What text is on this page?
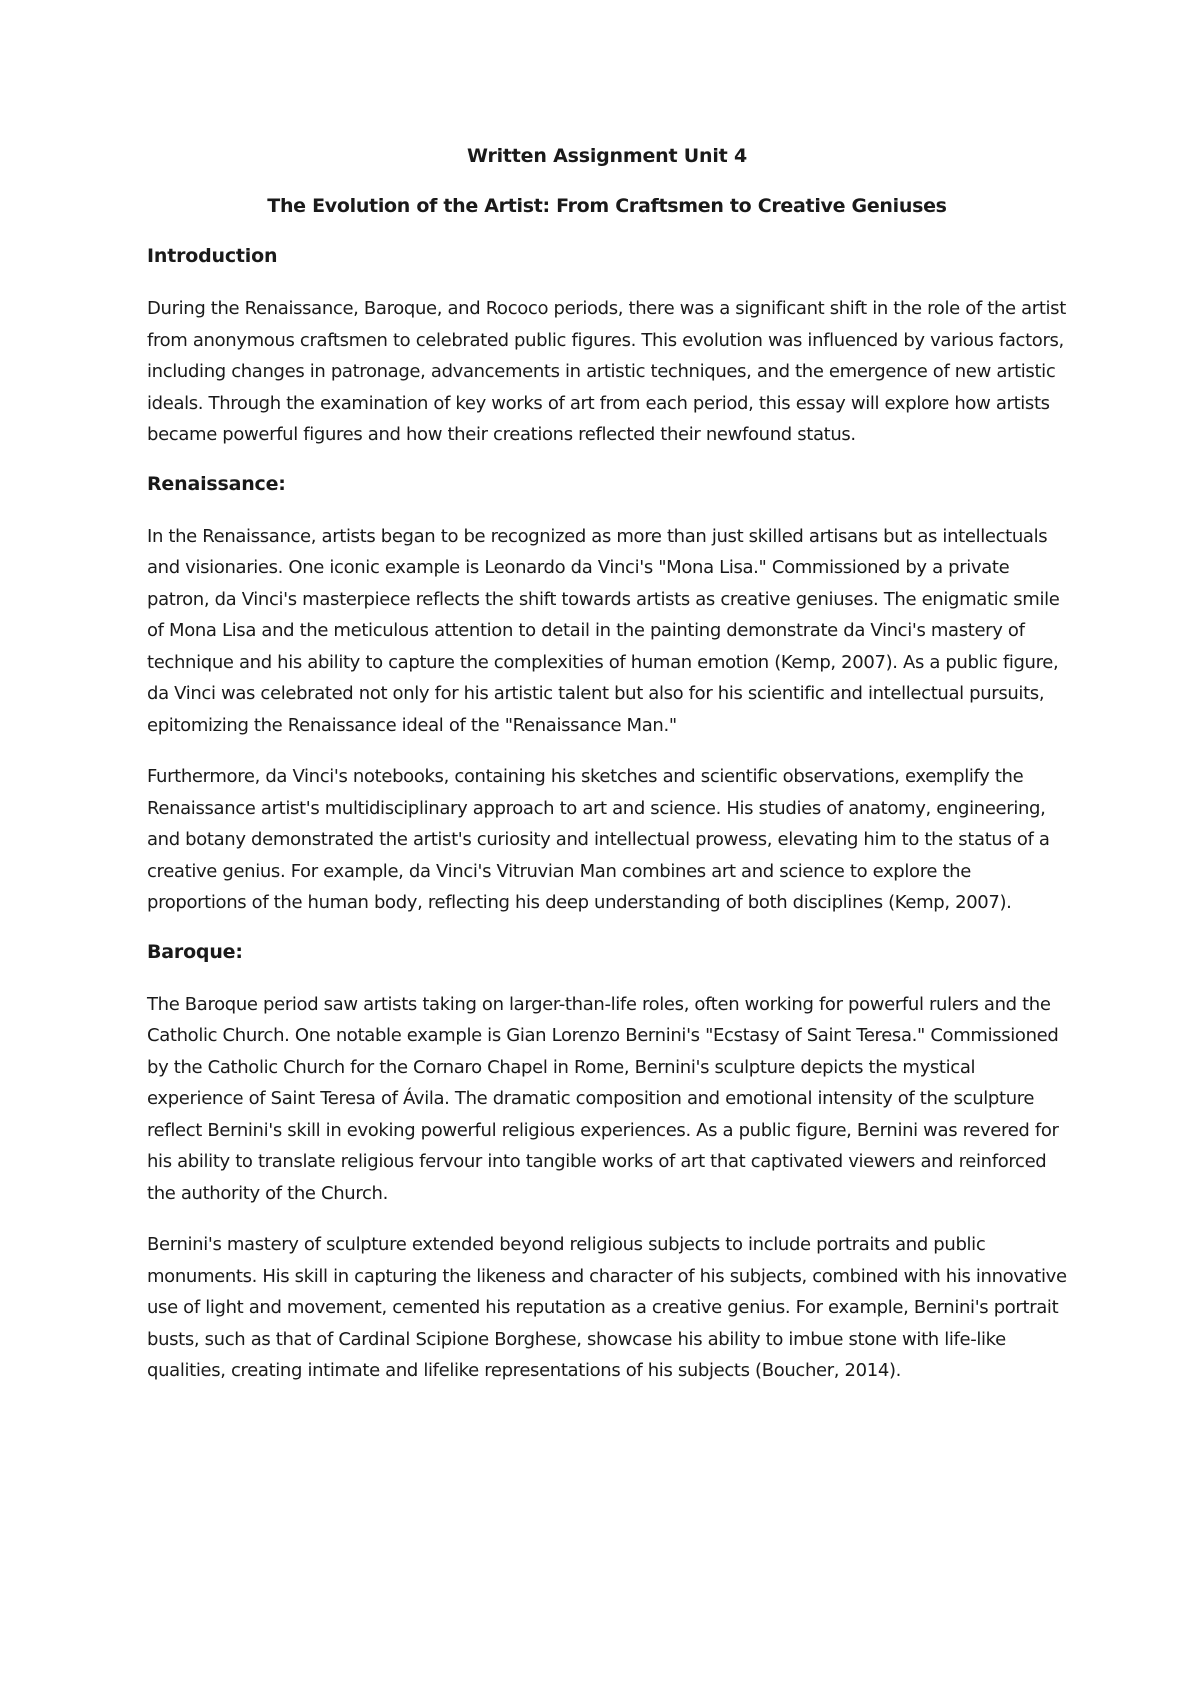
Written Assignment Unit 4
The Evolution of the Artist: From Craftsmen to Creative Geniuses
Introduction

During the Renaissance, Baroque, and Rococo periods, there was a significant shift in the role of the artist from anonymous craftsmen to celebrated public figures. This evolution was influenced by various factors, including changes in patronage, advancements in artistic techniques, and the emergence of new artistic ideals. Through the examination of key works of art from each period, this essay will explore how artists became powerful figures and how their creations reflected their newfound status.

Renaissance:

In the Renaissance, artists began to be recognized as more than just skilled artisans but as intellectuals and visionaries. One iconic example is Leonardo da Vinci's "Mona Lisa." Commissioned by a private patron, da Vinci's masterpiece reflects the shift towards artists as creative geniuses. The enigmatic smile of Mona Lisa and the meticulous attention to detail in the painting demonstrate da Vinci's mastery of technique and his ability to capture the complexities of human emotion (Kemp, 2007). As a public figure, da Vinci was celebrated not only for his artistic talent but also for his scientific and intellectual pursuits, epitomizing the Renaissance ideal of the "Renaissance Man."

Furthermore, da Vinci's notebooks, containing his sketches and scientific observations, exemplify the Renaissance artist's multidisciplinary approach to art and science. His studies of anatomy, engineering, and botany demonstrated the artist's curiosity and intellectual prowess, elevating him to the status of a creative genius. For example, da Vinci's Vitruvian Man combines art and science to explore the proportions of the human body, reflecting his deep understanding of both disciplines (Kemp, 2007).

Baroque:

The Baroque period saw artists taking on larger-than-life roles, often working for powerful rulers and the Catholic Church. One notable example is Gian Lorenzo Bernini's "Ecstasy of Saint Teresa." Commissioned by the Catholic Church for the Cornaro Chapel in Rome, Bernini's sculpture depicts the mystical experience of Saint Teresa of Ávila. The dramatic composition and emotional intensity of the sculpture reflect Bernini's skill in evoking powerful religious experiences. As a public figure, Bernini was revered for his ability to translate religious fervour into tangible works of art that captivated viewers and reinforced the authority of the Church.

Bernini's mastery of sculpture extended beyond religious subjects to include portraits and public monuments. His skill in capturing the likeness and character of his subjects, combined with his innovative use of light and movement, cemented his reputation as a creative genius. For example, Bernini's portrait busts, such as that of Cardinal Scipione Borghese, showcase his ability to imbue stone with life-like qualities, creating intimate and lifelike representations of his subjects (Boucher, 2014).
